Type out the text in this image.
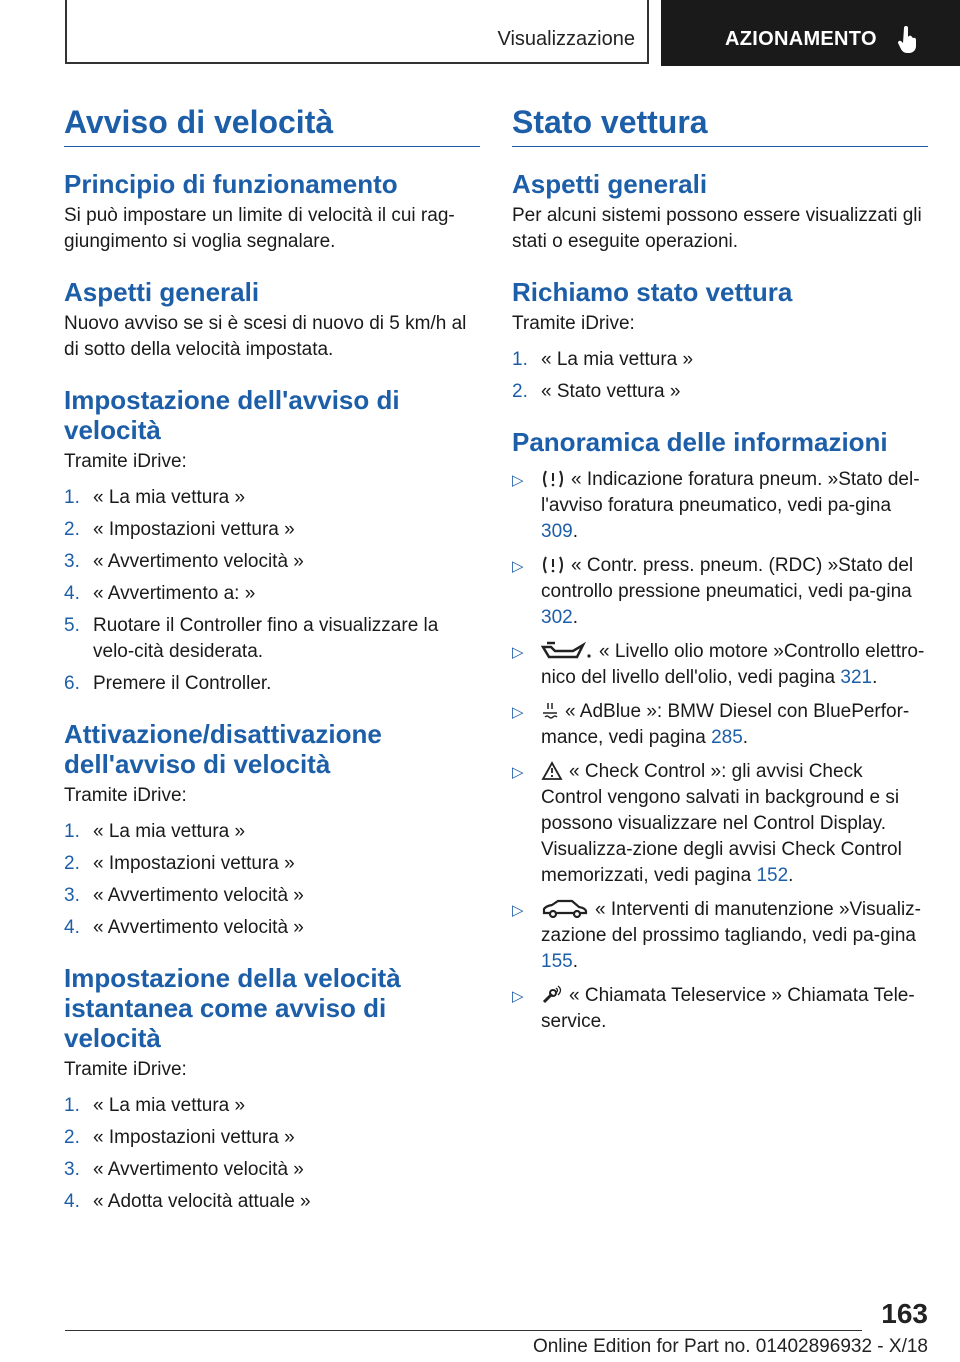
Visualizzazione	AZIONAMENTO
Avviso di velocità
Principio di funzionamento

Si può impostare un limite di velocità il cui rag-giungimento si voglia segnalare.

Aspetti generali

Nuovo avviso se si è scesi di nuovo di 5 km/h al di sotto della velocità impostata.

Impostazione dell'avviso di velocità

Tramite iDrive:

1. « La mia vettura »
2. « Impostazioni vettura »
3. « Avvertimento velocità »
4. « Avvertimento a: »
5. Ruotare il Controller fino a visualizzare la velo-cità desiderata.
6. Premere il Controller.
Attivazione/disattivazione dell'avviso di velocità

Tramite iDrive:

1. « La mia vettura »
2. « Impostazioni vettura »
3. « Avvertimento velocità »
4. « Avvertimento velocità »
Impostazione della velocità istantanea come avviso di velocità

Tramite iDrive:

1. « La mia vettura »
2. « Impostazioni vettura »
3. « Avvertimento velocità »
4. « Adotta velocità attuale »
Stato vettura
Aspetti generali

Per alcuni sistemi possono essere visualizzati gli stati o eseguite operazioni.

Richiamo stato vettura

Tramite iDrive:

1. « La mia vettura »
2. « Stato vettura »
Panoramica delle informazioni
▷ « Indicazione foratura pneum. »Stato del-l'avviso foratura pneumatico, vedi pa-gina 309.
▷ « Contr. press. pneum. (RDC) »Stato del controllo pressione pneumatici, vedi pa-gina 302.
▷	« Livello olio motore »Controllo elettro-nico del livello dell'olio, vedi pagina 321.
▷ « AdBlue »: BMW Diesel con BluePerfor-mance, vedi pagina 285.
▷ « Check Control »: gli avvisi Check Control vengono salvati in background e si possono visualizzare nel Control Display. Visualizza-zione degli avvisi Check Control memorizzati, vedi pagina 152.
▷	« Interventi di manutenzione »Visualiz-zazione del prossimo tagliando, vedi pa-gina 155.
▷ « Chiamata Teleservice » Chiamata Tele-service.
163
Online Edition for Part no. 01402896932 - X/18
